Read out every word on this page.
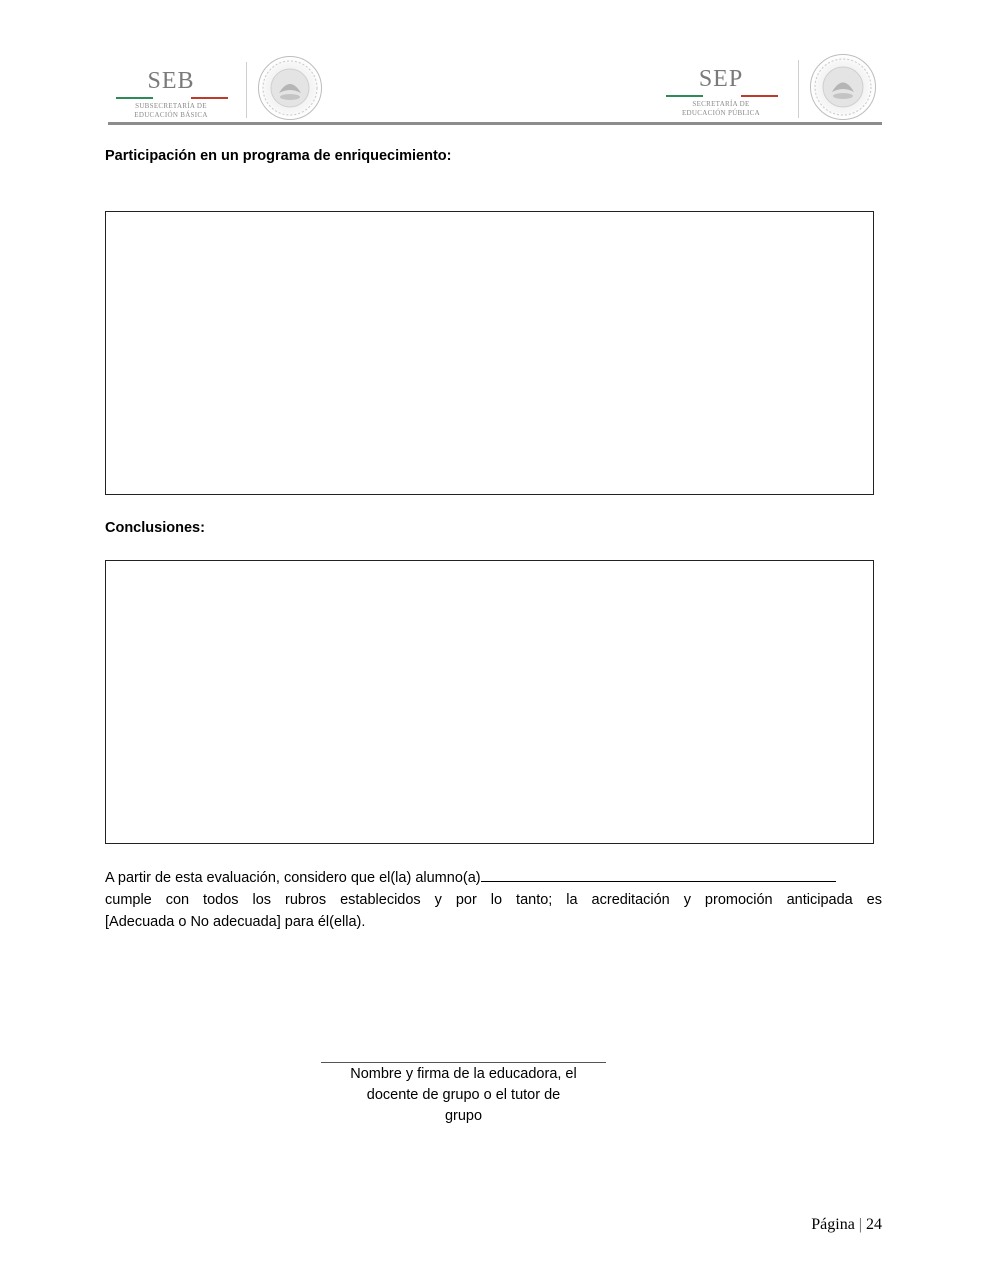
SEB
SUBSECRETARÍA DE
EDUCACIÓN BÁSICA
SEP
SECRETARÍA DE
EDUCACIÓN PÚBLICA
Participación en un programa de enriquecimiento:
Conclusiones:
A partir de esta evaluación, considero que el(la) alumno(a)
cumple con todos los rubros establecidos y por lo tanto; la acreditación y promoción anticipada es
[Adecuada o No adecuada] para él(ella).
Nombre y firma de la educadora, el
docente de grupo o el tutor de
grupo
Página | 24
